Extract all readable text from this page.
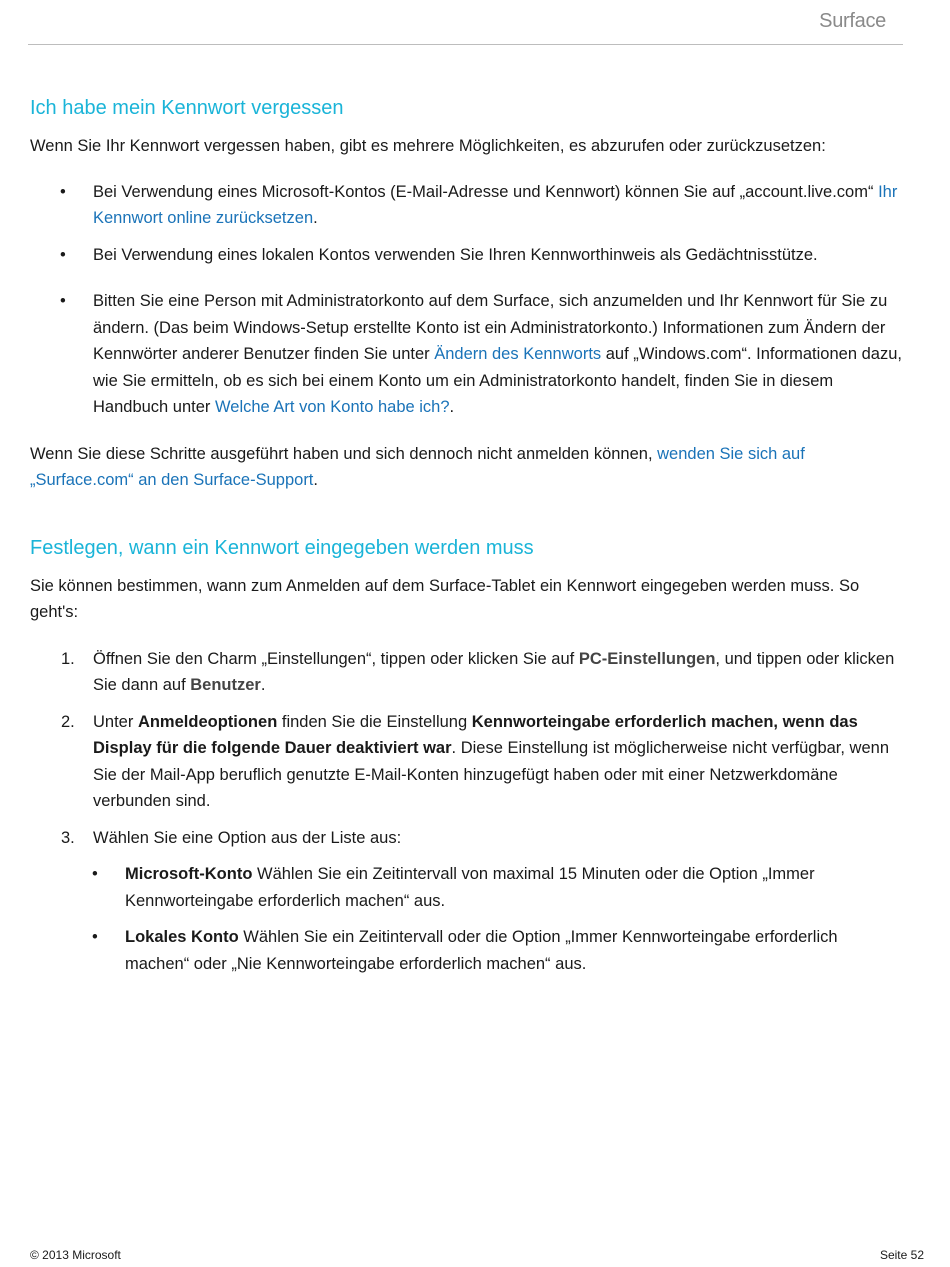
Surface
Ich habe mein Kennwort vergessen

Wenn Sie Ihr Kennwort vergessen haben, gibt es mehrere Möglichkeiten, es abzurufen oder zurückzusetzen:

•	Bei Verwendung eines Microsoft-Kontos (E-Mail-Adresse und Kennwort) können Sie auf „account.live.com“ Ihr Kennwort online zurücksetzen.
•	Bei Verwendung eines lokalen Kontos verwenden Sie Ihren Kennworthinweis als Gedächtnisstütze.
•	Bitten Sie eine Person mit Administratorkonto auf dem Surface, sich anzumelden und Ihr Kennwort für Sie zu ändern. (Das beim Windows-Setup erstellte Konto ist ein Administratorkonto.) Informationen zum Ändern der Kennwörter anderer Benutzer finden Sie unter Ändern des Kennworts auf „Windows.com“. Informationen dazu, wie Sie ermitteln, ob es sich bei einem Konto um ein Administratorkonto handelt, finden Sie in diesem Handbuch unter Welche Art von Konto habe ich?.

Wenn Sie diese Schritte ausgeführt haben und sich dennoch nicht anmelden können, wenden Sie sich auf „Surface.com“ an den Surface-Support.

Festlegen, wann ein Kennwort eingegeben werden muss

Sie können bestimmen, wann zum Anmelden auf dem Surface-Tablet ein Kennwort eingegeben werden muss. So geht's:

1.	Öffnen Sie den Charm „Einstellungen“, tippen oder klicken Sie auf PC-Einstellungen, und tippen oder klicken Sie dann auf Benutzer.
2.	Unter Anmeldeoptionen finden Sie die Einstellung Kennworteingabe erforderlich machen, wenn das Display für die folgende Dauer deaktiviert war. Diese Einstellung ist möglicherweise nicht verfügbar, wenn Sie der Mail-App beruflich genutzte E-Mail-Konten hinzugefügt haben oder mit einer Netzwerkdomäne verbunden sind.
3.	Wählen Sie eine Option aus der Liste aus:
•	Microsoft-Konto Wählen Sie ein Zeitintervall von maximal 15 Minuten oder die Option „Immer Kennworteingabe erforderlich machen“ aus.
•	Lokales Konto Wählen Sie ein Zeitintervall oder die Option „Immer Kennworteingabe erforderlich machen“ oder „Nie Kennworteingabe erforderlich machen“ aus.
© 2013 Microsoft	Seite 52
